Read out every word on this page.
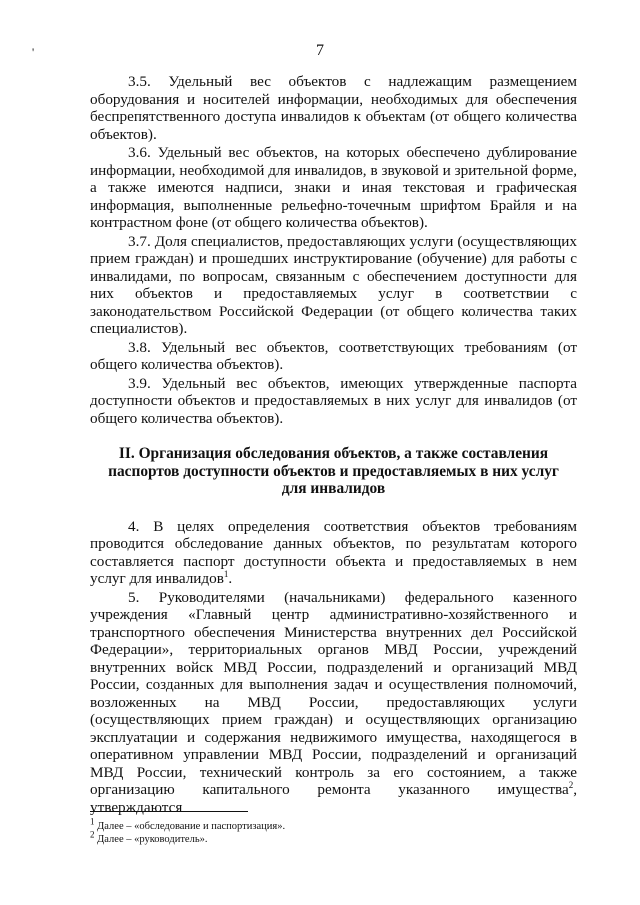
7
'

3.5. Удельный вес объектов с надлежащим размещением оборудования и носителей информации, необходимых для обеспечения беспрепятственного доступа инвалидов к объектам (от общего количества объектов).

3.6. Удельный вес объектов, на которых обеспечено дублирование информации, необходимой для инвалидов, в звуковой и зрительной форме, а также имеются надписи, знаки и иная текстовая и графическая информация, выполненные рельефно-точечным шрифтом Брайля и на контрастном фоне (от общего количества объектов).

3.7. Доля специалистов, предоставляющих услуги (осуществляющих прием граждан) и прошедших инструктирование (обучение) для работы с инвалидами, по вопросам, связанным с обеспечением доступности для них объектов и предоставляемых услуг в соответствии с законодательством Российской Федерации (от общего количества таких специалистов).

3.8. Удельный вес объектов, соответствующих требованиям (от общего количества объектов).

3.9. Удельный вес объектов, имеющих утвержденные паспорта доступности объектов и предоставляемых в них услуг для инвалидов (от общего количества объектов).

II. Организация обследования объектов, а также составления паспортов доступности объектов и предоставляемых в них услуг для инвалидов

4. В целях определения соответствия объектов требованиям проводится обследование данных объектов, по результатам которого составляется паспорт доступности объекта и предоставляемых в нем услуг для инвалидов$^1$.

5. Руководителями (начальниками) федерального казенного учреждения «Главный центр административно-хозяйственного и транспортного обеспечения Министерства внутренних дел Российской Федерации», территориальных органов МВД России, учреждений внутренних войск МВД России, подразделений и организаций МВД России, созданных для выполнения задач и осуществления полномочий, возложенных на МВД России, предоставляющих услуги (осуществляющих прием граждан) и осуществляющих организацию эксплуатации и содержания недвижимого имущества, находящегося в оперативном управлении МВД России, подразделений и организаций МВД России, технический контроль за его состоянием, а также организацию капитального ремонта указанного имущества$^2$, утверждаются

$^1$ Далее – «обследование и паспортизация».

$^2$ Далее – «руководитель».
